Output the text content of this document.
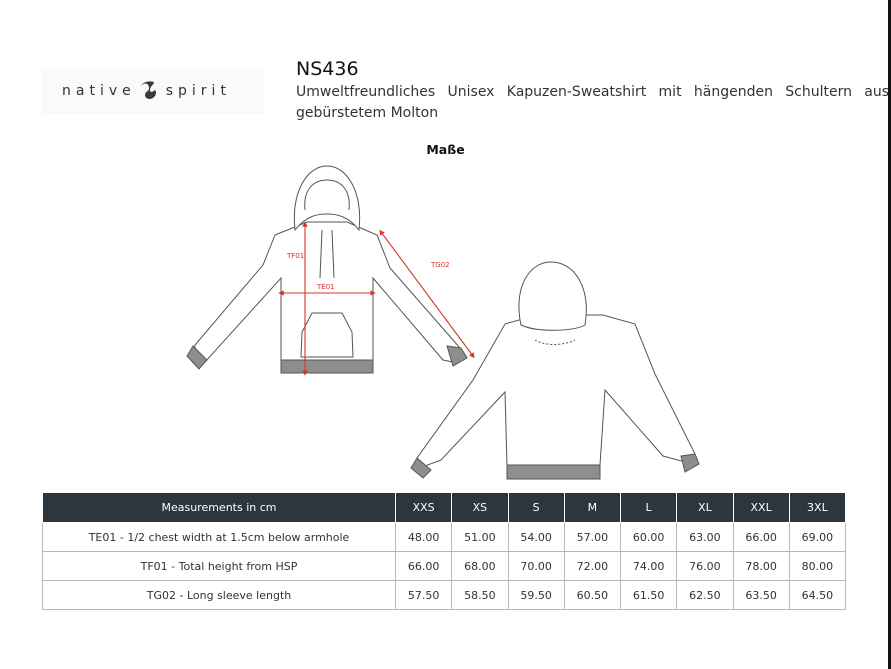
native spirit
NS436
Umweltfreundliches Unisex Kapuzen-Sweatshirt mit hängenden Schultern aus gebürstetem Molton
Maße
TF01
TE01
TG02
Measurements in cm	XXS	XS	S	M	L	XL	XXL	3XL
TE01 - 1/2 chest width at 1.5cm below armhole	48.00	51.00	54.00	57.00	60.00	63.00	66.00	69.00
TF01 - Total height from HSP	66.00	68.00	70.00	72.00	74.00	76.00	78.00	80.00
TG02 - Long sleeve length	57.50	58.50	59.50	60.50	61.50	62.50	63.50	64.50
